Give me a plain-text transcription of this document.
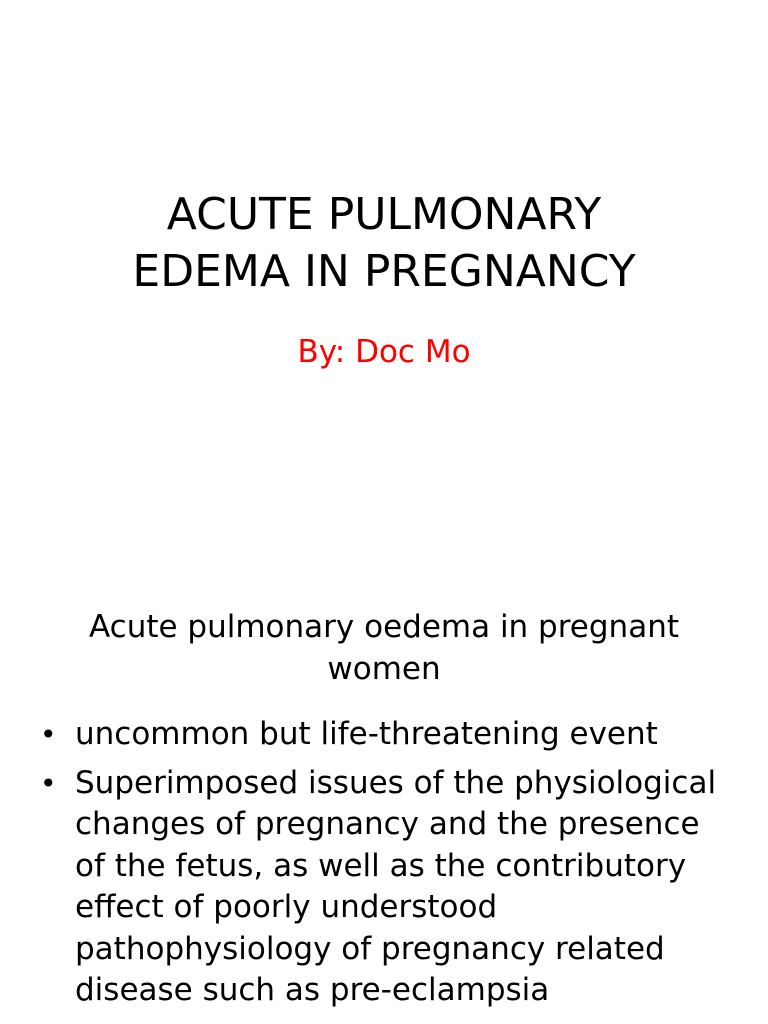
ACUTE PULMONARY
EDEMA IN PREGNANCY

By: Doc Mo

Acute pulmonary oedema in pregnant
women
• uncommon but life-threatening event
• Superimposed issues of the physiological changes of pregnancy and the presence of the fetus, as well as the contributory effect of poorly understood pathophysiology of pregnancy related disease such as pre-eclampsia
